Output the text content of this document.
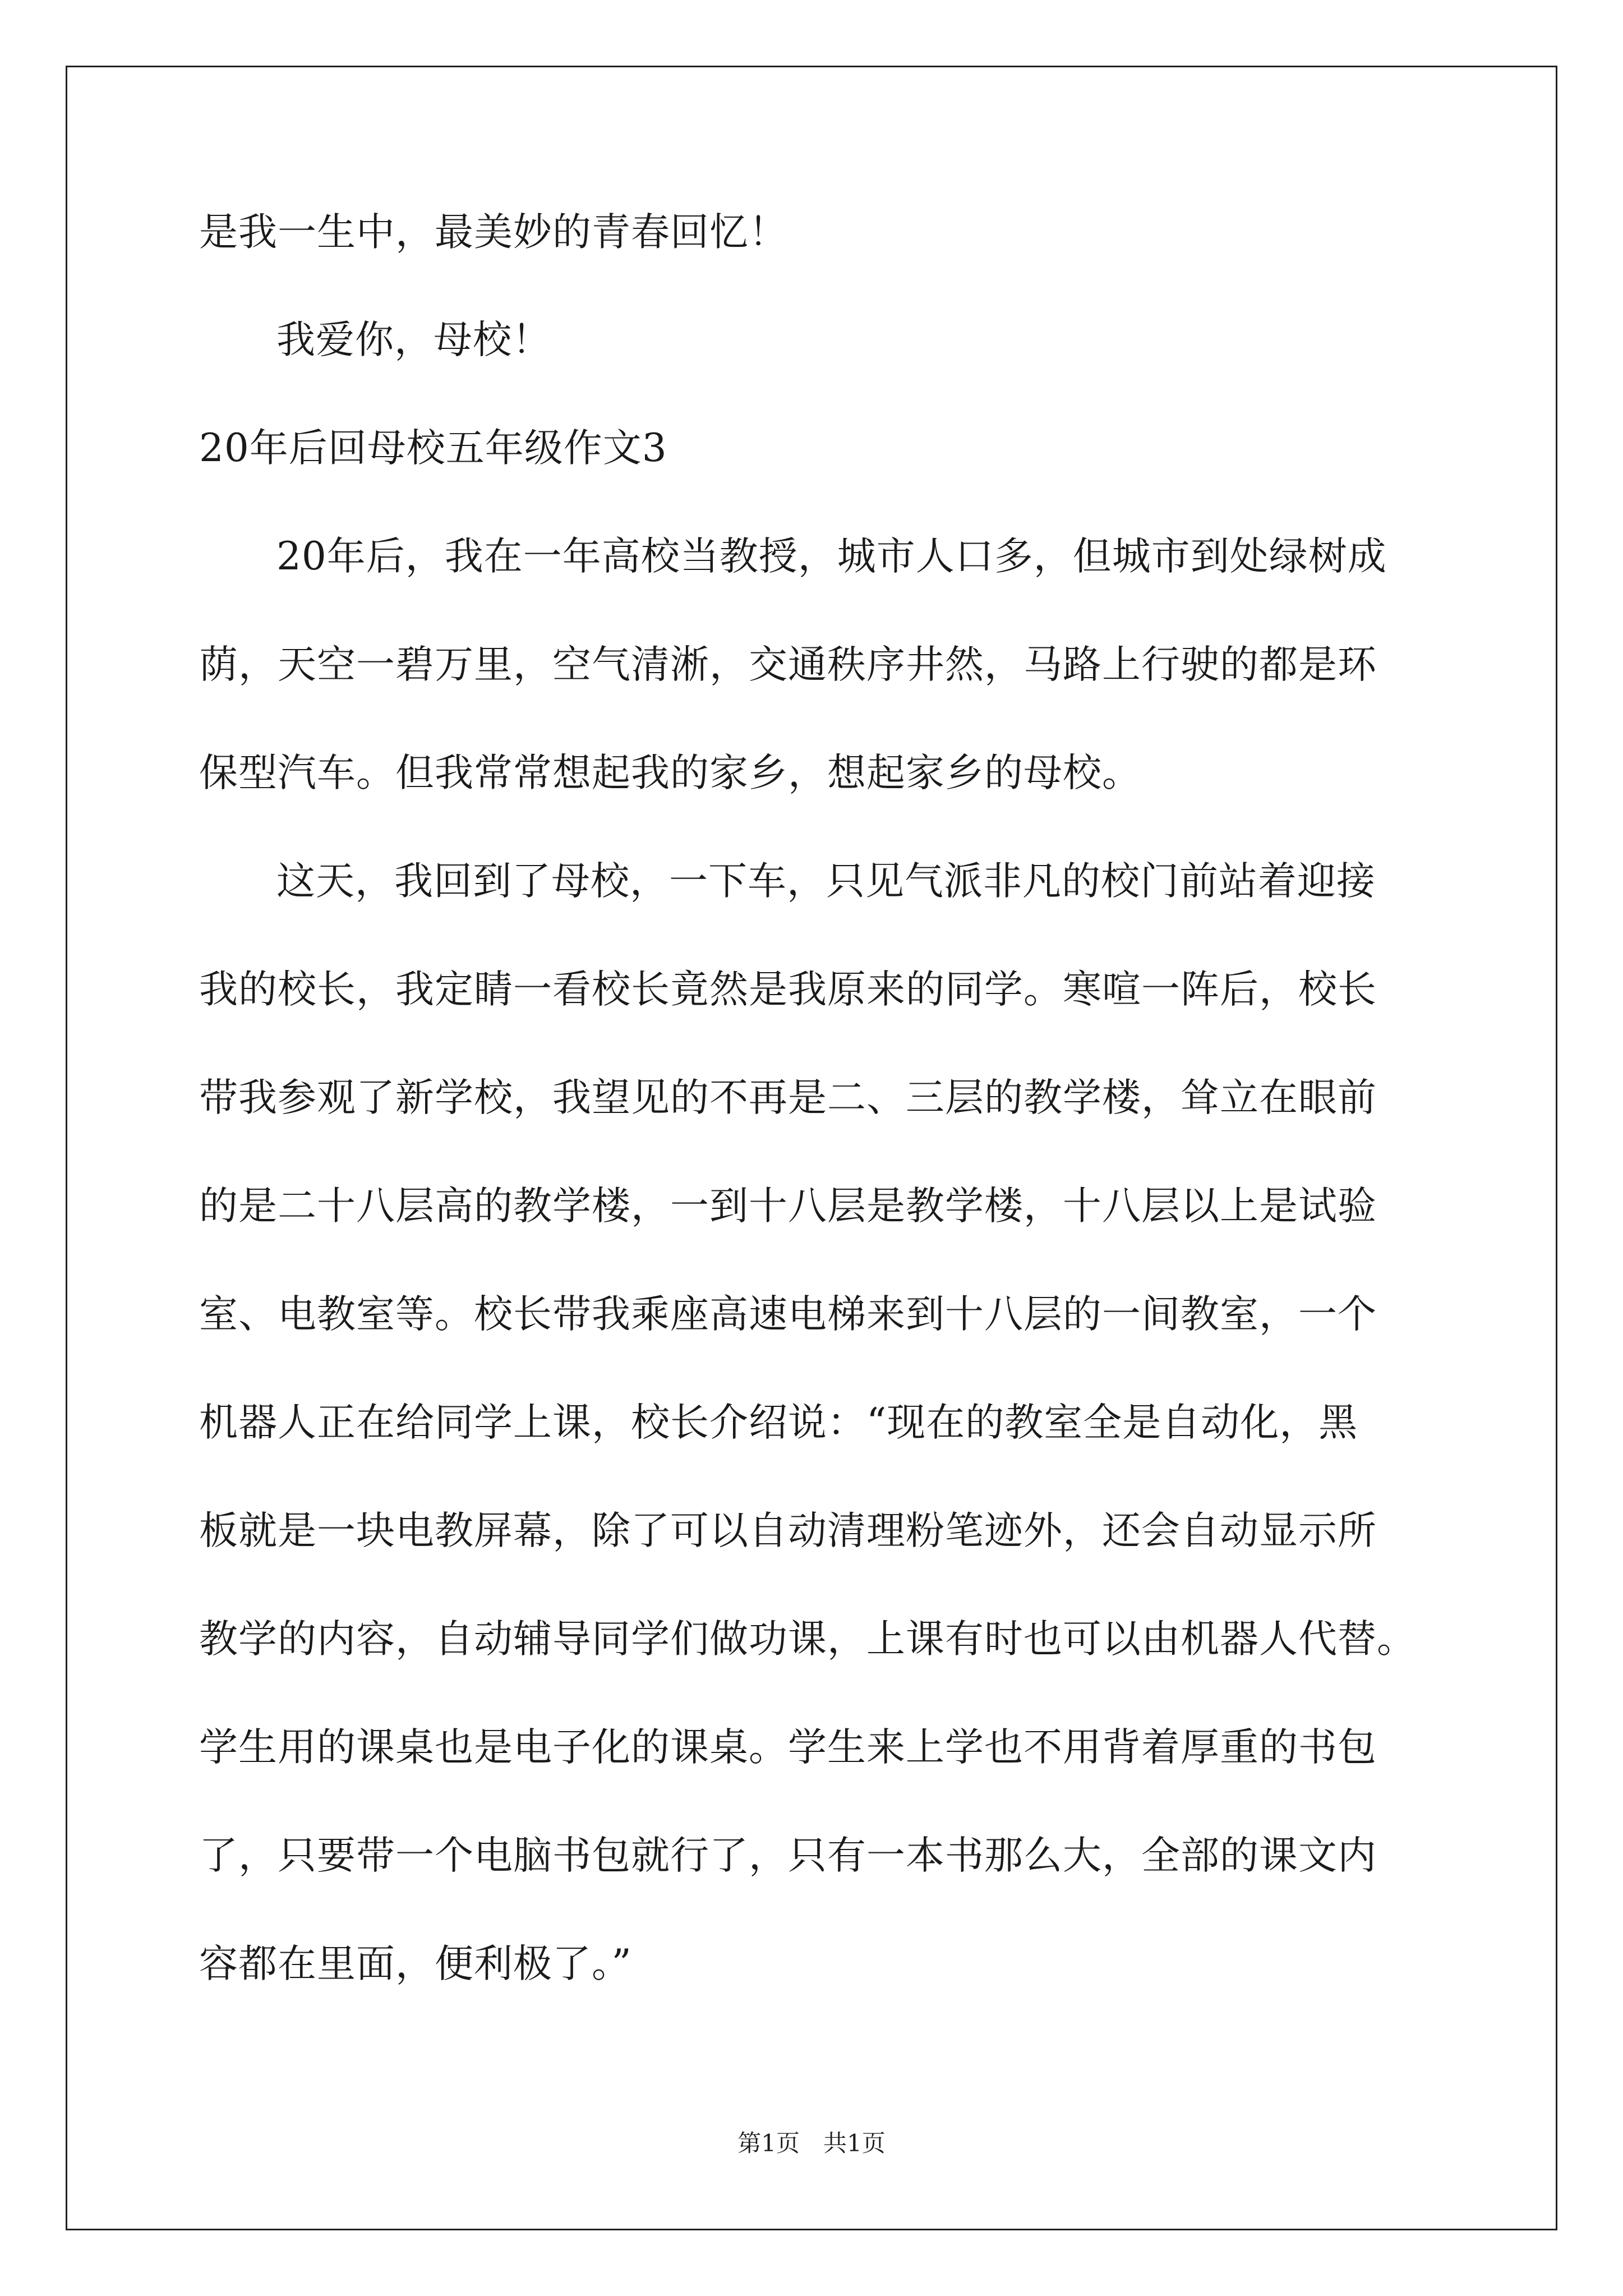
是我一生中，最美妙的青春回忆！
我爱你，母校！
20年后回母校五年级作文3
20年后，我在一年高校当教授，城市人口多，但城市到处绿树成
荫，天空一碧万里，空气清淅，交通秩序井然，马路上行驶的都是环
保型汽车。但我常常想起我的家乡，想起家乡的母校。
这天，我回到了母校，一下车，只见气派非凡的校门前站着迎接
我的校长，我定睛一看校长竟然是我原来的同学。寒喧一阵后，校长
带我参观了新学校，我望见的不再是二、三层的教学楼，耸立在眼前
的是二十八层高的教学楼，一到十八层是教学楼，十八层以上是试验
室、电教室等。校长带我乘座高速电梯来到十八层的一间教室，一个
机器人正在给同学上课，校长介绍说：“现在的教室全是自动化，黑
板就是一块电教屏幕，除了可以自动清理粉笔迹外，还会自动显示所
教学的内容，自动辅导同学们做功课，上课有时也可以由机器人代替。
学生用的课桌也是电子化的课桌。学生来上学也不用背着厚重的书包
了，只要带一个电脑书包就行了，只有一本书那么大，全部的课文内
容都在里面，便利极了。”
第1页　共1页
